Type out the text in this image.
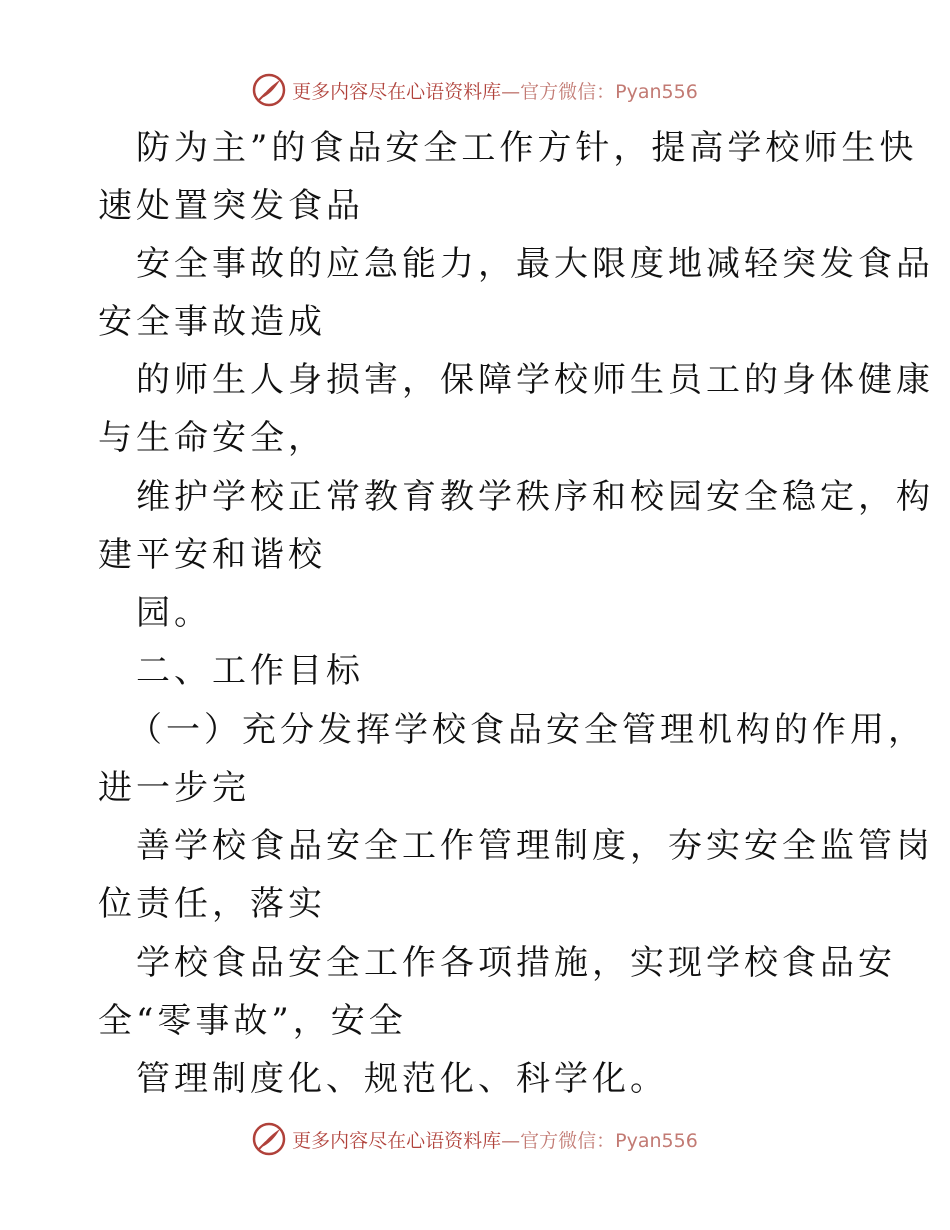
更多内容尽在心语资料库 —官方微信：Pyan556
防为主”的食品安全工作方针，提高学校师生快
速处置突发食品
安全事故的应急能力，最大限度地减轻突发食品
安全事故造成
的师生人身损害，保障学校师生员工的身体健康
与生命安全，
维护学校正常教育教学秩序和校园安全稳定，构
建平安和谐校
园。
二、工作目标
（一）充分发挥学校食品安全管理机构的作用，
进一步完
善学校食品安全工作管理制度，夯实安全监管岗
位责任，落实
学校食品安全工作各项措施，实现学校食品安
全“零事故”，安全
管理制度化、规范化、科学化。
更多内容尽在心语资料库 —官方微信：Pyan556
